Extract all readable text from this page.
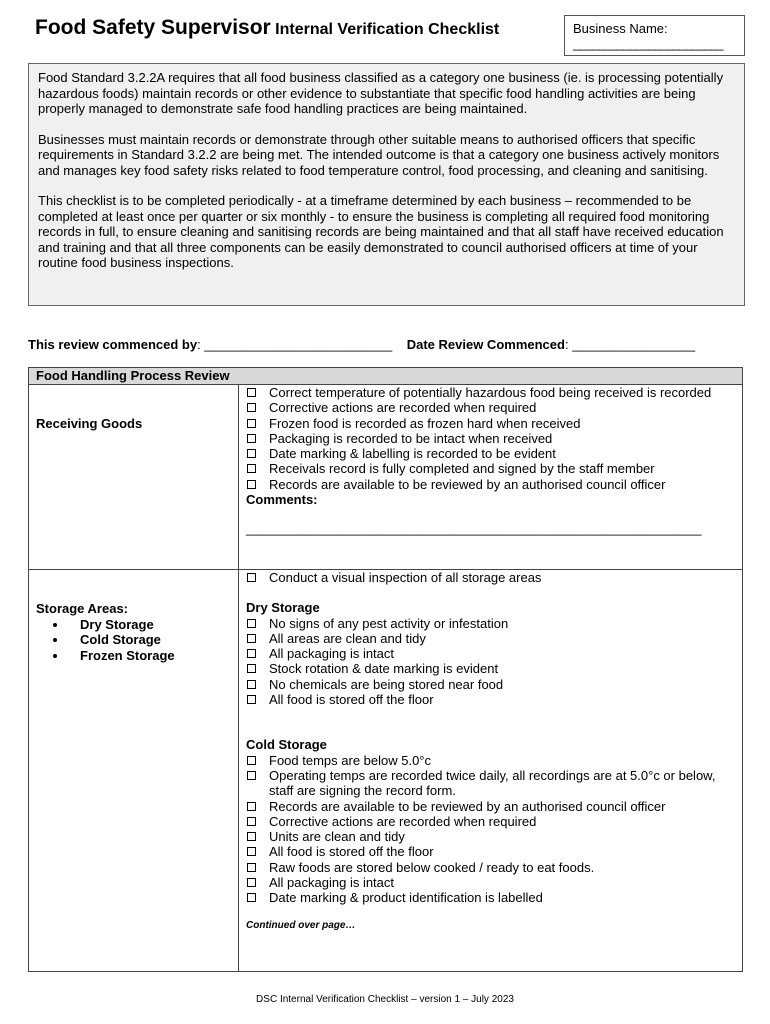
Food Safety Supervisor Internal Verification Checklist	Business Name:
________________________

Food Standard 3.2.2A requires that all food business classified as a category one business (ie. is processing potentially hazardous foods) maintain records or other evidence to substantiate that specific food handling activities are being properly managed to demonstrate safe food handling practices are being maintained.

Businesses must maintain records or demonstrate through other suitable means to authorised officers that specific requirements in Standard 3.2.2 are being met. The intended outcome is that a category one business actively monitors and manages key food safety risks related to food temperature control, food processing, and cleaning and sanitising.

This checklist is to be completed periodically - at a timeframe determined by each business – recommended to be completed at least once per quarter or six monthly - to ensure the business is completing all required food monitoring records in full, to ensure cleaning and sanitising records are being maintained and that all staff have received education and training and that all three components can be easily demonstrated to council authorised officers at time of your routine food business inspections.

This review commenced by: __________________________ Date Review Commenced: _________________
Food Handling Process Review
Receiving Goods
Correct temperature of potentially hazardous food being received is recorded
Corrective actions are recorded when required
Frozen food is recorded as frozen hard when received
Packaging is recorded to be intact when received
Date marking & labelling is recorded to be evident
Receivals record is fully completed and signed by the staff member
Records are available to be reviewed by an authorised council officer
Comments:
_______________________________________________________________
Storage Areas:
• Dry Storage
• Cold Storage
• Frozen Storage
Conduct a visual inspection of all storage areas
Dry Storage
No signs of any pest activity or infestation
All areas are clean and tidy
All packaging is intact
Stock rotation & date marking is evident
No chemicals are being stored near food
All food is stored off the floor
Cold Storage
Food temps are below 5.0°c
Operating temps are recorded twice daily, all recordings are at 5.0°c or below, staff are signing the record form.
Records are available to be reviewed by an authorised council officer
Corrective actions are recorded when required
Units are clean and tidy
All food is stored off the floor
Raw foods are stored below cooked / ready to eat foods.
All packaging is intact
Date marking & product identification is labelled
Continued over page…
DSC Internal Verification Checklist – version 1 – July 2023
